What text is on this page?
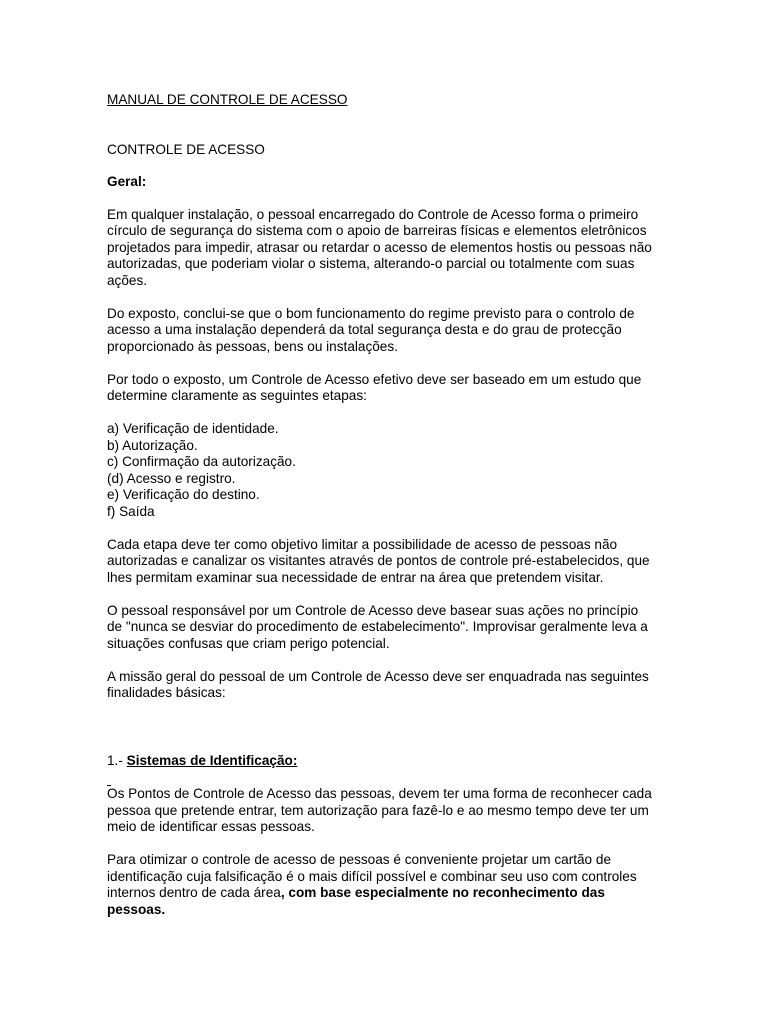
MANUAL DE CONTROLE DE ACESSO
CONTROLE DE ACESSO
Geral:

Em qualquer instalação, o pessoal encarregado do Controle de Acesso forma o primeiro
círculo de segurança do sistema com o apoio de barreiras físicas e elementos eletrônicos
projetados para impedir, atrasar ou retardar o acesso de elementos hostis ou pessoas não
autorizadas, que poderiam violar o sistema, alterando-o parcial ou totalmente com suas
ações.

Do exposto, conclui-se que o bom funcionamento do regime previsto para o controlo de
acesso a uma instalação dependerá da total segurança desta e do grau de protecção
proporcionado às pessoas, bens ou instalações.

Por todo o exposto, um Controle de Acesso efetivo deve ser baseado em um estudo que
determine claramente as seguintes etapas:

a) Verificação de identidade.
b) Autorização.
c) Confirmação da autorização.
(d) Acesso e registro.
e) Verificação do destino.
f) Saída

Cada etapa deve ter como objetivo limitar a possibilidade de acesso de pessoas não
autorizadas e canalizar os visitantes através de pontos de controle pré-estabelecidos, que
lhes permitam examinar sua necessidade de entrar na área que pretendem visitar.

O pessoal responsável por um Controle de Acesso deve basear suas ações no princípio
de "nunca se desviar do procedimento de estabelecimento". Improvisar geralmente leva a
situações confusas que criam perigo potencial.

A missão geral do pessoal de um Controle de Acesso deve ser enquadrada nas seguintes
finalidades básicas:

1.- Sistemas de Identificação:

Os Pontos de Controle de Acesso das pessoas, devem ter uma forma de reconhecer cada
pessoa que pretende entrar, tem autorização para fazê-lo e ao mesmo tempo deve ter um
meio de identificar essas pessoas.

Para otimizar o controle de acesso de pessoas é conveniente projetar um cartão de
identificação cuja falsificação é o mais difícil possível e combinar seu uso com controles
internos dentro de cada área, com base especialmente no reconhecimento das
pessoas.
